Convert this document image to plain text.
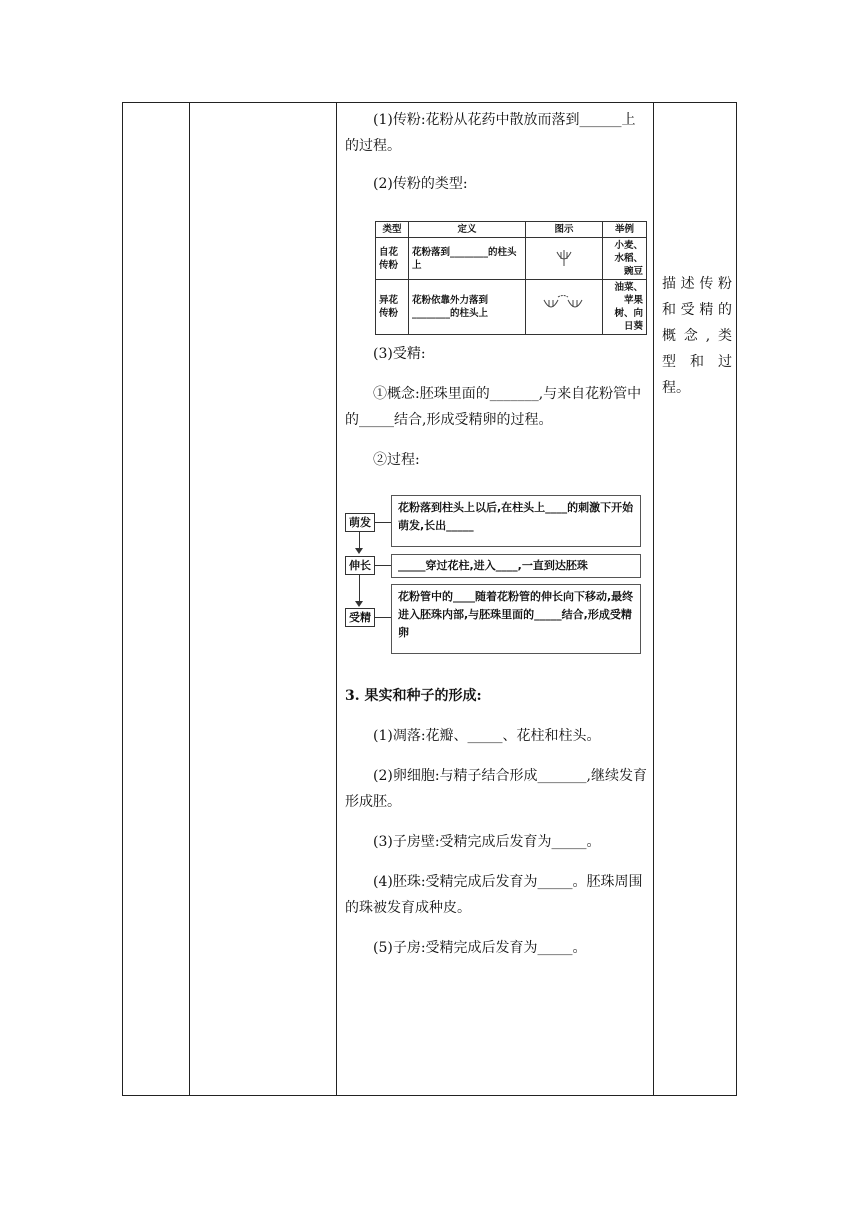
(1)传粉:花粉从花药中散放而落到______上的过程。

(2)传粉的类型:

类型	定义	图示	举例
自花传粉	花粉落到________的柱头上		小麦、水稻、豌豆
异花传粉	花粉依靠外力落到________的柱头上		油菜、苹果树、向日葵

(3)受精:

①概念:胚珠里面的_______,与来自花粉管中的_____结合,形成受精卵的过程。

②过程:

花粉落到柱头上以后,在柱头上____的刺激下开始萌发,长出_____
萌发
_____穿过花柱,进入____,一直到达胚珠
伸长
花粉管中的____随着花粉管的伸长向下移动,最终进入胚珠内部,与胚珠里面的_____结合,形成受精卵
受精

3. 果实和种子的形成:

(1)凋落:花瓣、_____、花柱和柱头。

(2)卵细胞:与精子结合形成_______,继续发育形成胚。

(3)子房壁:受精完成后发育为_____。

(4)胚珠:受精完成后发育为_____。胚珠周围的珠被发育成种皮。

(5)子房:受精完成后发育为_____。

描述传粉
和受精的
概念,类
型 和 过
程。
